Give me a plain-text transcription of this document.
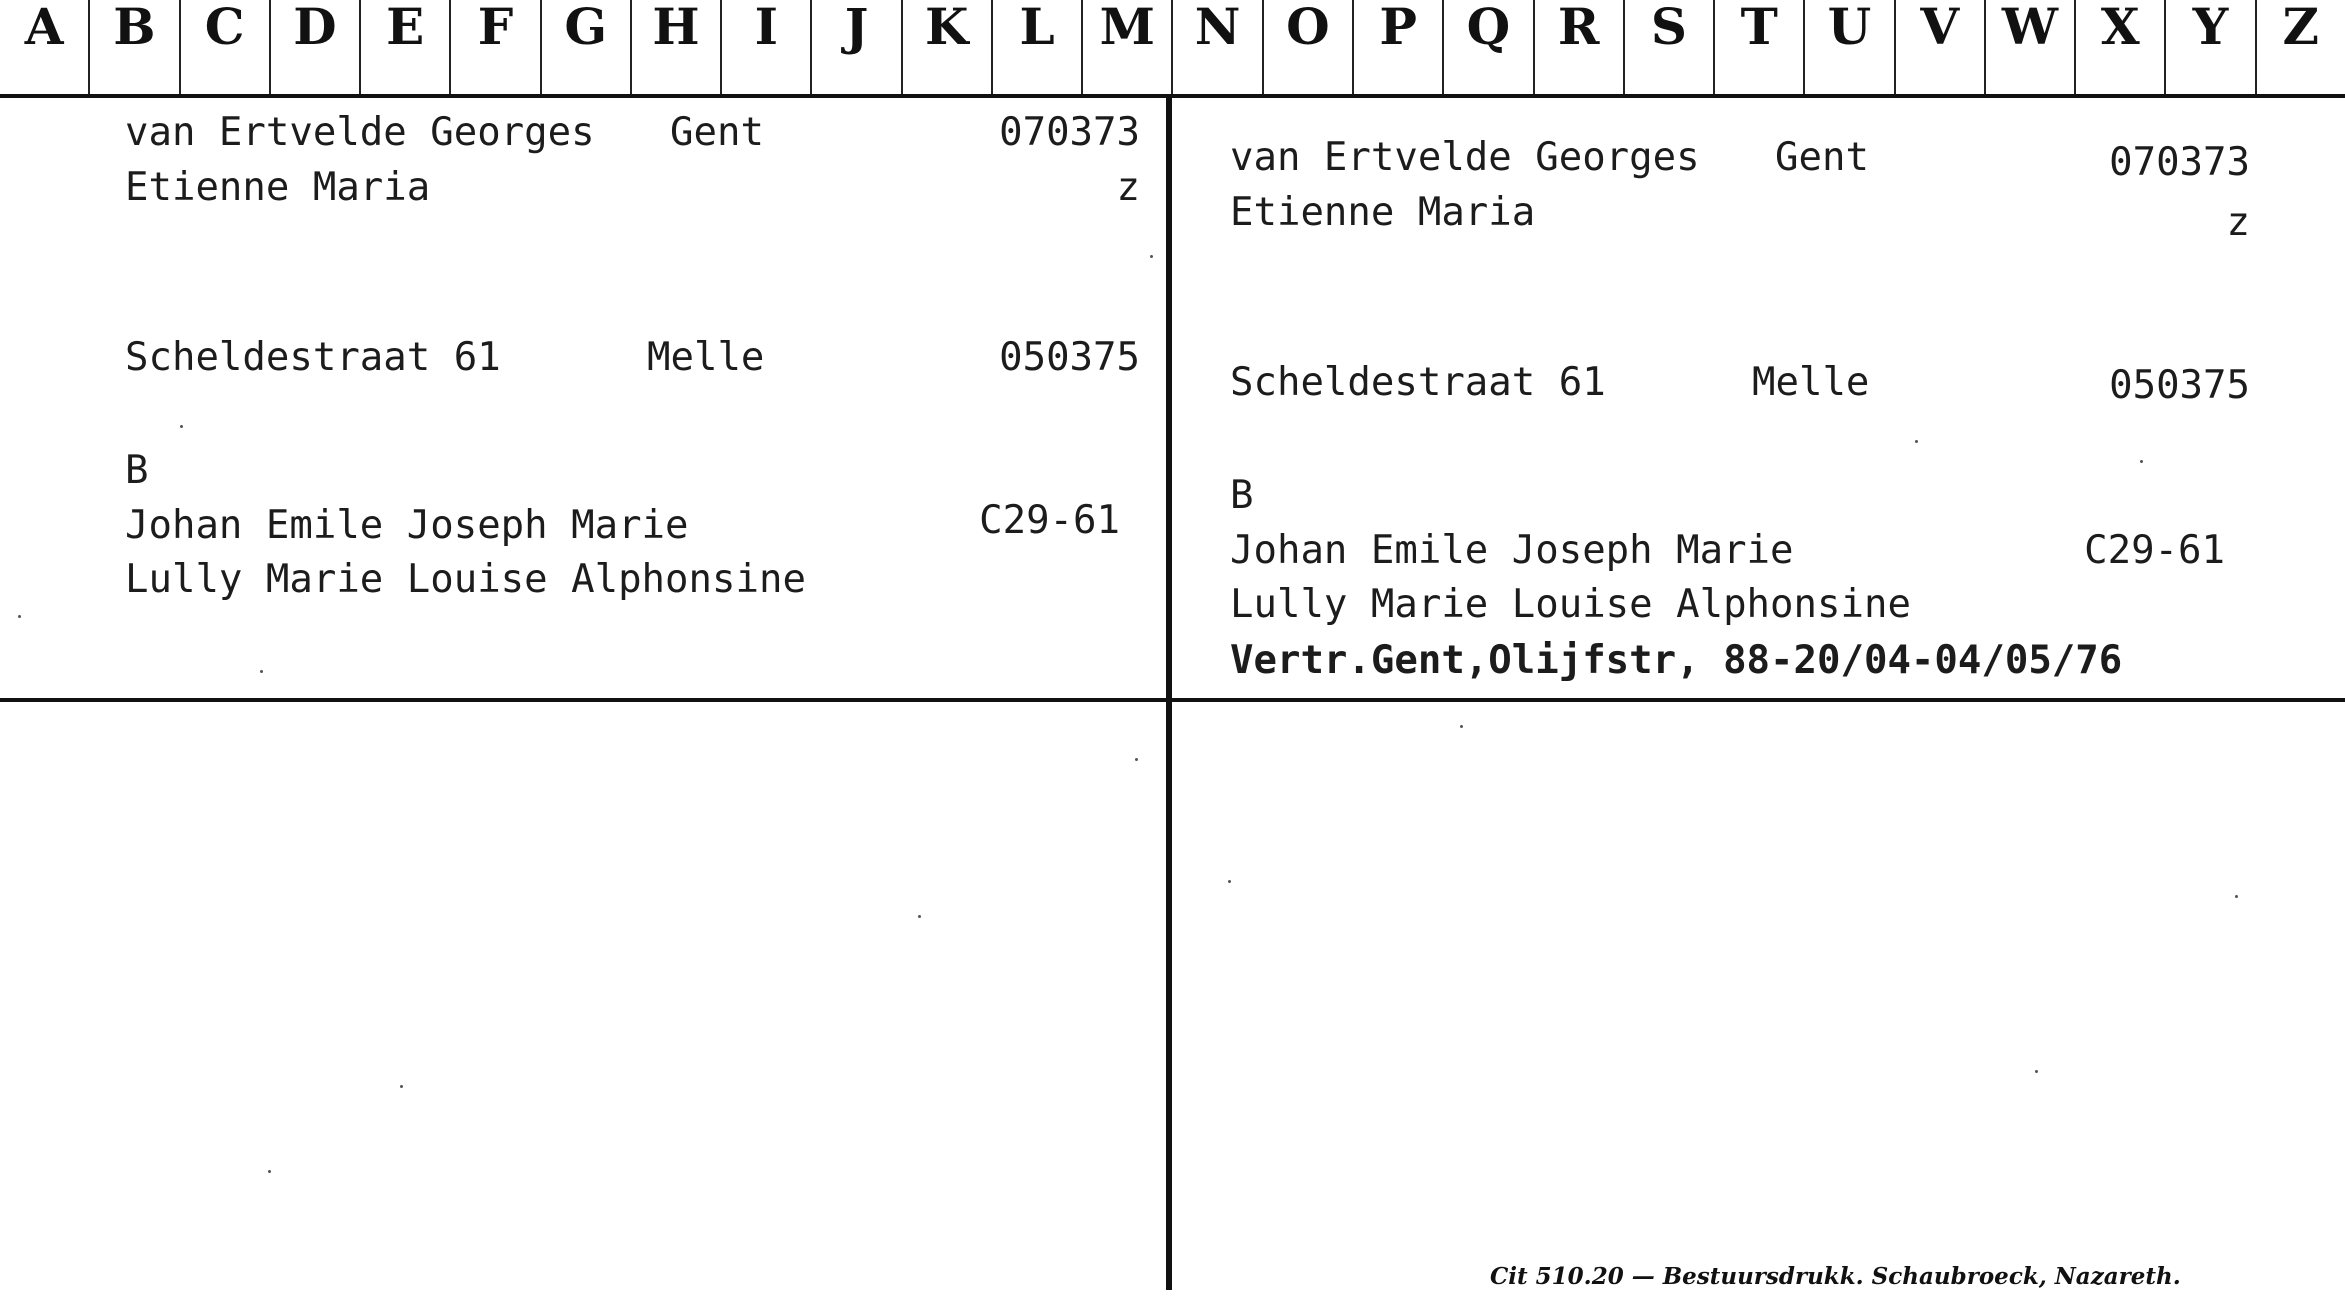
A B C D E	F	G H	I	J	K	L M N O P Q R	S	T U V W X	Y	Z

van Ertvelde Georges

Gent

	070373

Etienne Maria

	z

Scheldestraat 61

	Melle

	050375

B

Johan Emile Joseph Marie

	C29-61

Lully Marie Louise Alphonsine

van Ertvelde Georges

Gent

	070373

Etienne Maria

	z

Scheldestraat 61

	Melle

	050375

B

Johan Emile Joseph Marie

	C29-61

Lully Marie Louise Alphonsine

Vertr.Gent,Olijfstr, 88-20/04-04/05/76

Cit 510.20 — Bestuursdrukk. Schaubroeck, Nazareth.
